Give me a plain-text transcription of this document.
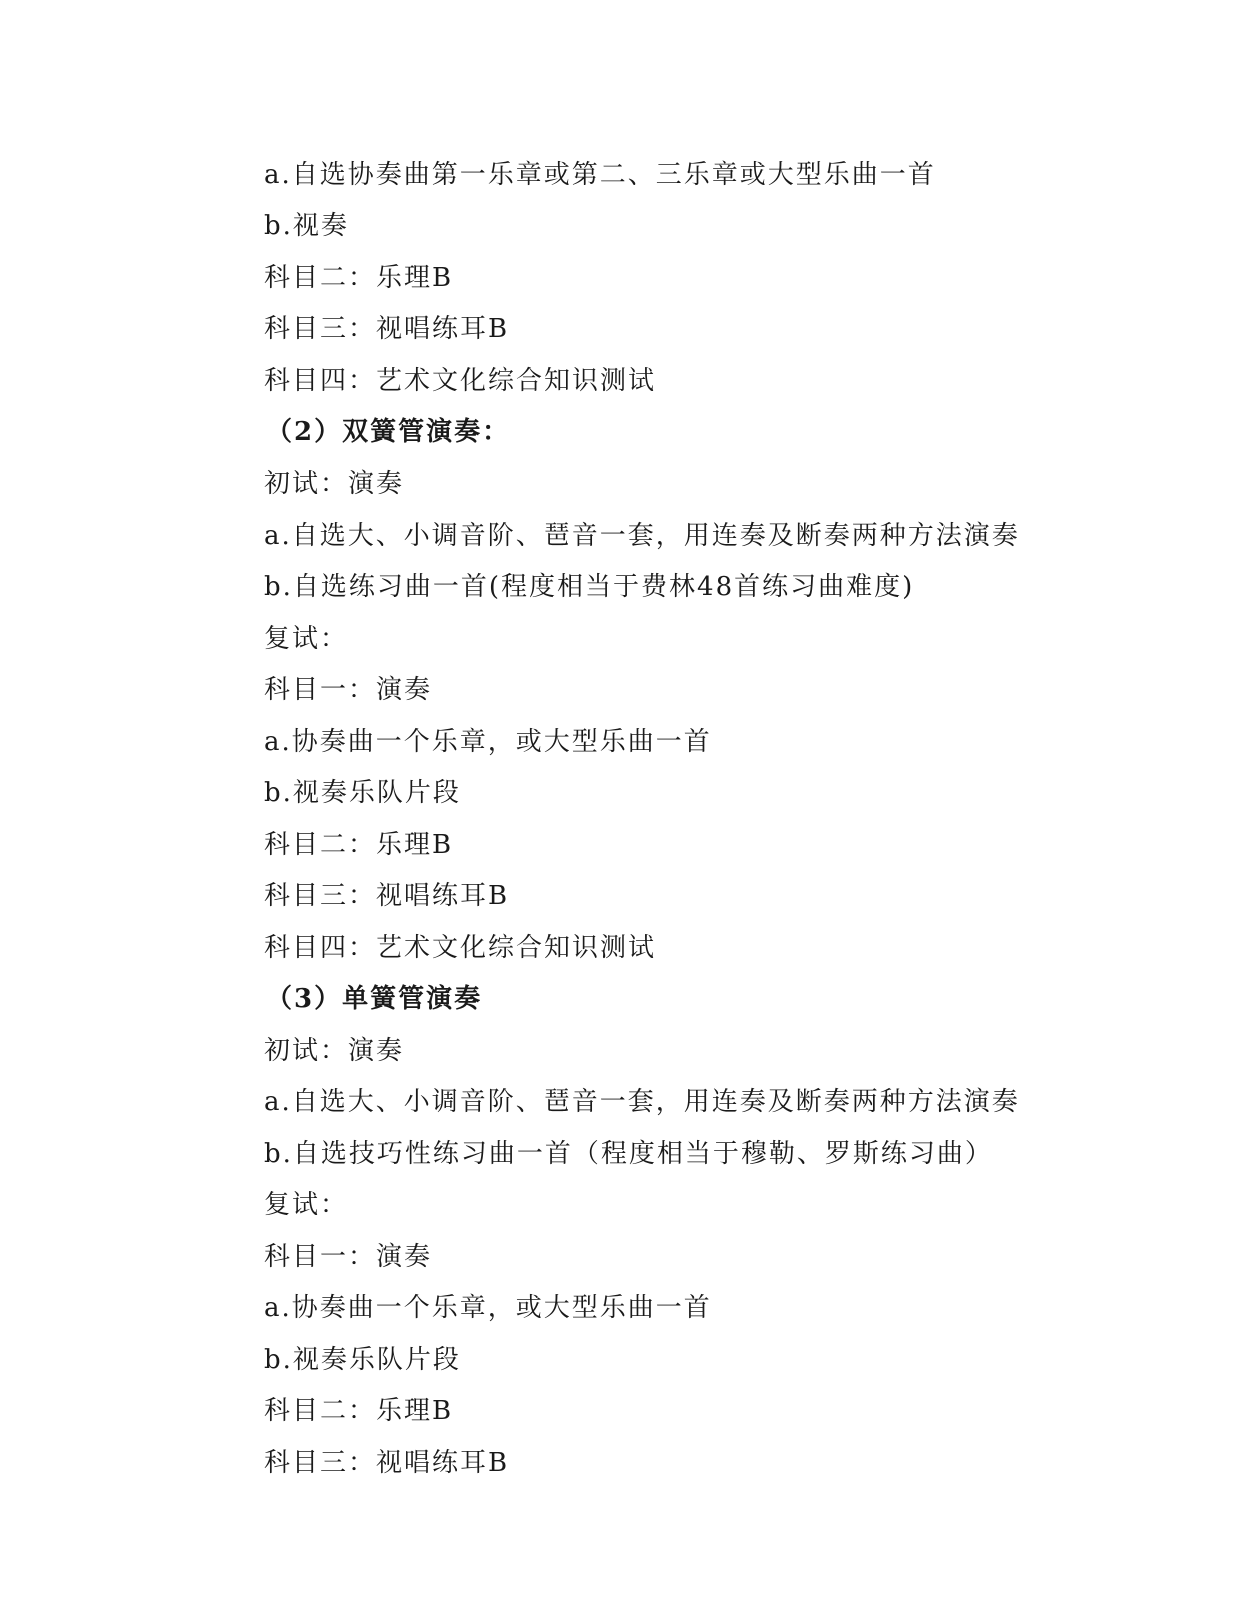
a.自选协奏曲第一乐章或第二、三乐章或大型乐曲一首
b.视奏
科目二：乐理B
科目三：视唱练耳B
科目四：艺术文化综合知识测试
（2）双簧管演奏：
初试：演奏
a.自选大、小调音阶、琶音一套，用连奏及断奏两种方法演奏
b.自选练习曲一首(程度相当于费林48首练习曲难度)
复试：
科目一：演奏
a.协奏曲一个乐章，或大型乐曲一首
b.视奏乐队片段
科目二：乐理B
科目三：视唱练耳B
科目四：艺术文化综合知识测试
（3）单簧管演奏
初试：演奏
a.自选大、小调音阶、琶音一套，用连奏及断奏两种方法演奏
b.自选技巧性练习曲一首（程度相当于穆勒、罗斯练习曲）
复试：
科目一：演奏
a.协奏曲一个乐章，或大型乐曲一首
b.视奏乐队片段
科目二：乐理B
科目三：视唱练耳B
